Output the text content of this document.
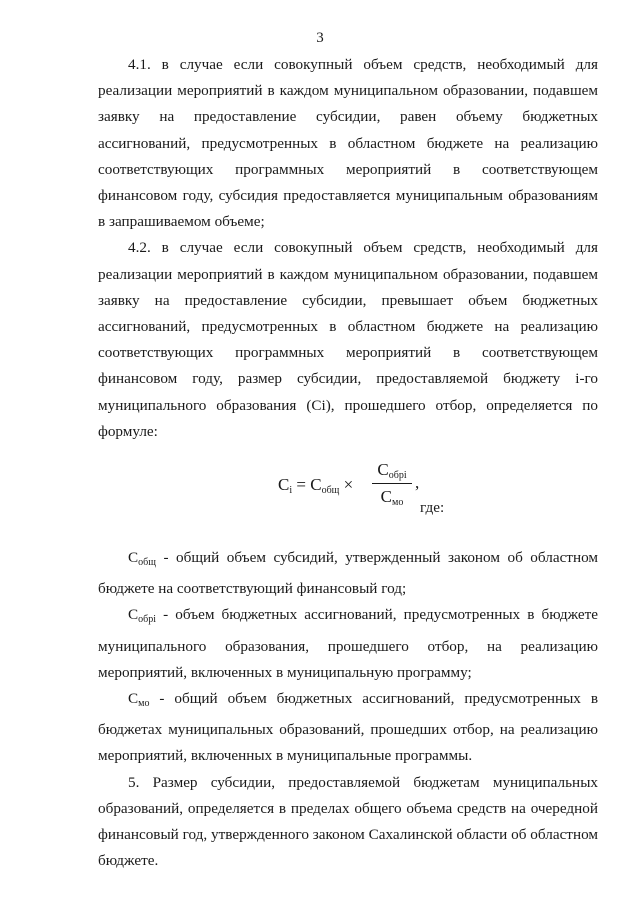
3

4.1. в случае если совокупный объем средств, необходимый для реализации мероприятий в каждом муниципальном образовании, подавшем заявку на предоставление субсидии, равен объему бюджетных ассигнований, предусмотренных в областном бюджете на реализацию соответствующих программных мероприятий в соответствующем финансовом году, субсидия предоставляется муниципальным образованиям в запрашиваемом объеме;

4.2. в случае если совокупный объем средств, необходимый для реализации мероприятий в каждом муниципальном образовании, подавшем заявку на предоставление субсидии, превышает объем бюджетных ассигнований, предусмотренных в областном бюджете на реализацию соответствующих программных мероприятий в соответствующем финансовом году, размер субсидии, предоставляемой бюджету i-го муниципального образования (Ci), прошедшего отбор, определяется по формуле:

$C_i = C_{общ}$ ×
$C_{обрi}$
$C_{мо}$
,
где:

$C_{общ}$ - общий объем субсидий, утвержденный законом об областном бюджете на соответствующий финансовый год;

$C_{обрi}$ - объем бюджетных ассигнований, предусмотренных в бюджете муниципального образования, прошедшего отбор, на реализацию мероприятий, включенных в муниципальную программу;

$C_{мо}$ - общий объем бюджетных ассигнований, предусмотренных в бюджетах муниципальных образований, прошедших отбор, на реализацию мероприятий, включенных в муниципальные программы.

5. Размер субсидии, предоставляемой бюджетам муниципальных образований, определяется в пределах общего объема средств на очередной финансовый год, утвержденного законом Сахалинской области об областном бюджете.
